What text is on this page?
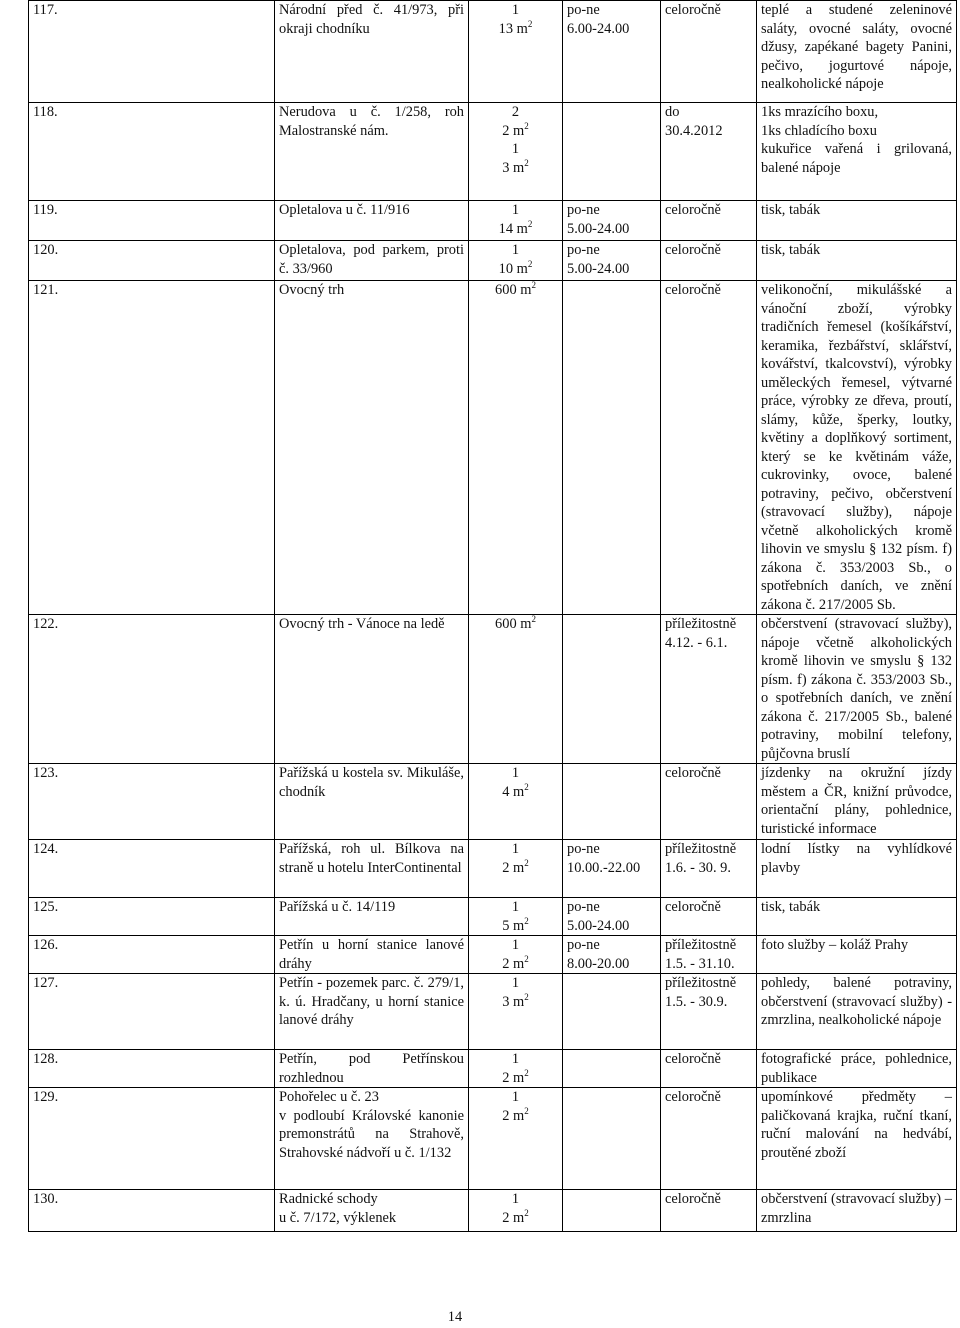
117.	Národní před č. 41/973, při okraji chodníku	1
13 $m^2$	po-ne
6.00-24.00	celoročně	teplé a studené zeleninové saláty, ovocné saláty, ovocné džusy, zapékané bagety Panini, pečivo, jogurtové nápoje, nealkoholické nápoje
118.	Nerudova u č. 1/258, roh Malostranské nám.	2
2 $m^2$
1
3 $m^2$		do
30.4.2012	1ks mrazícího boxu,
1ks chladícího boxu
kukuřice vařená i grilovaná, balené nápoje
119.	Opletalova u č. 11/916	1
14 $m^2$	po-ne
5.00-24.00	celoročně	tisk, tabák
120.	Opletalova, pod parkem, proti č. 33/960	1
10 $m^2$	po-ne
5.00-24.00	celoročně	tisk, tabák
121.	Ovocný trh	600 $m^2$		celoročně	velikonoční, mikulášské a vánoční zboží, výrobky tradičních řemesel (košíkářství, keramika, řezbářství, sklářství, kovářství, tkalcovství), výrobky uměleckých řemesel, výtvarné práce, výrobky ze dřeva, proutí, slámy, kůže, šperky, loutky, květiny a doplňkový sortiment, který se ke květinám váže, cukrovinky, ovoce, balené potraviny, pečivo, občerstvení (stravovací služby), nápoje včetně alkoholických kromě lihovin ve smyslu § 132 písm. f) zákona č. 353/2003 Sb., o spotřebních daních, ve znění zákona č. 217/2005 Sb.
122.	Ovocný trh - Vánoce na ledě	600 $m^2$		příležitostně
4.12. - 6.1.	občerstvení (stravovací služby), nápoje včetně alkoholických kromě lihovin ve smyslu § 132 písm. f) zákona č. 353/2003 Sb., o spotřebních daních, ve znění zákona č. 217/2005 Sb., balené potraviny, mobilní telefony, půjčovna bruslí
123.	Pařížská u kostela sv. Mikuláše, chodník	1
4 $m^2$		celoročně	jízdenky na okružní jízdy městem a ČR, knižní průvodce, orientační plány, pohlednice, turistické informace
124.	Pařížská, roh ul. Bílkova na straně u hotelu InterContinental	1
2 $m^2$	po-ne
10.00.-22.00	příležitostně
1.6. - 30. 9.	lodní lístky na vyhlídkové plavby
125.	Pařížská u č. 14/119	1
5 $m^2$	po-ne
5.00-24.00	celoročně	tisk, tabák
126.	Petřín u horní stanice lanové dráhy	1
2 $m^2$	po-ne
8.00-20.00	příležitostně
1.5. - 31.10.	foto služby – koláž Prahy
127.	Petřín - pozemek parc. č. 279/1, k. ú. Hradčany, u horní stanice lanové dráhy	1
3 $m^2$		příležitostně
1.5. - 30.9.	pohledy, balené potraviny, občerstvení (stravovací služby) - zmrzlina, nealkoholické nápoje
128.	Petřín, pod Petřínskou rozhlednou	1
2 $m^2$		celoročně	fotografické práce, pohlednice, publikace
129.	Pohořelec u č. 23
v podloubí Královské kanonie premonstrátů na Strahově, Strahovské nádvoří u č. 1/132	1
2 $m^2$		celoročně	upomínkové předměty – paličkovaná krajka, ruční tkaní, ruční malování na hedvábí, proutěné zboží
130.	Radnické schody
u č. 7/172, výklenek	1
2 $m^2$		celoročně	občerstvení (stravovací služby) – zmrzlina
14
